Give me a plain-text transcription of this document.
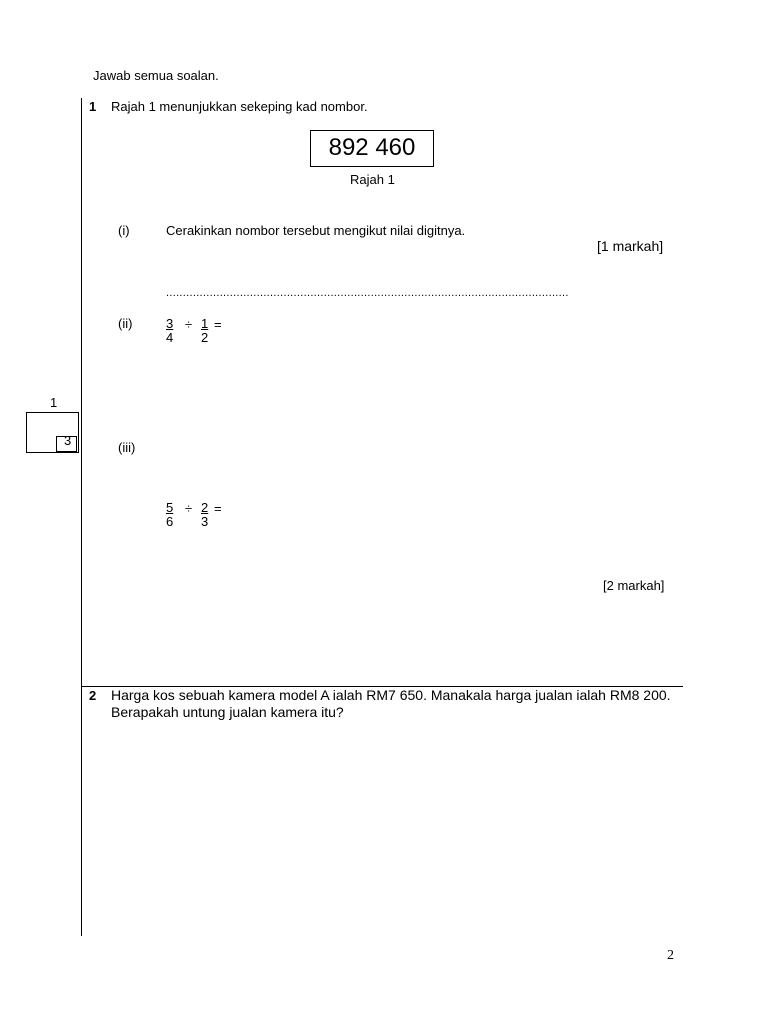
Jawab semua soalan.
1 Rajah 1 menunjukkan sekeping kad nombor.
892 460
Rajah 1
(i)	Cerakinkan nombor tersebut mengikut nilai digitnya.
[1 markah]
........................................................................................................................
(ii)	$\frac{3}{4} \div \frac{1}{2}$ =
1
3	(iii)
$\frac{5}{6} \div \frac{2}{3}$ =
[2 markah]
2 Harga kos sebuah kamera model A ialah RM7 650. Manakala harga jualan ialah RM8 200. Berapakah untung jualan kamera itu?
2
